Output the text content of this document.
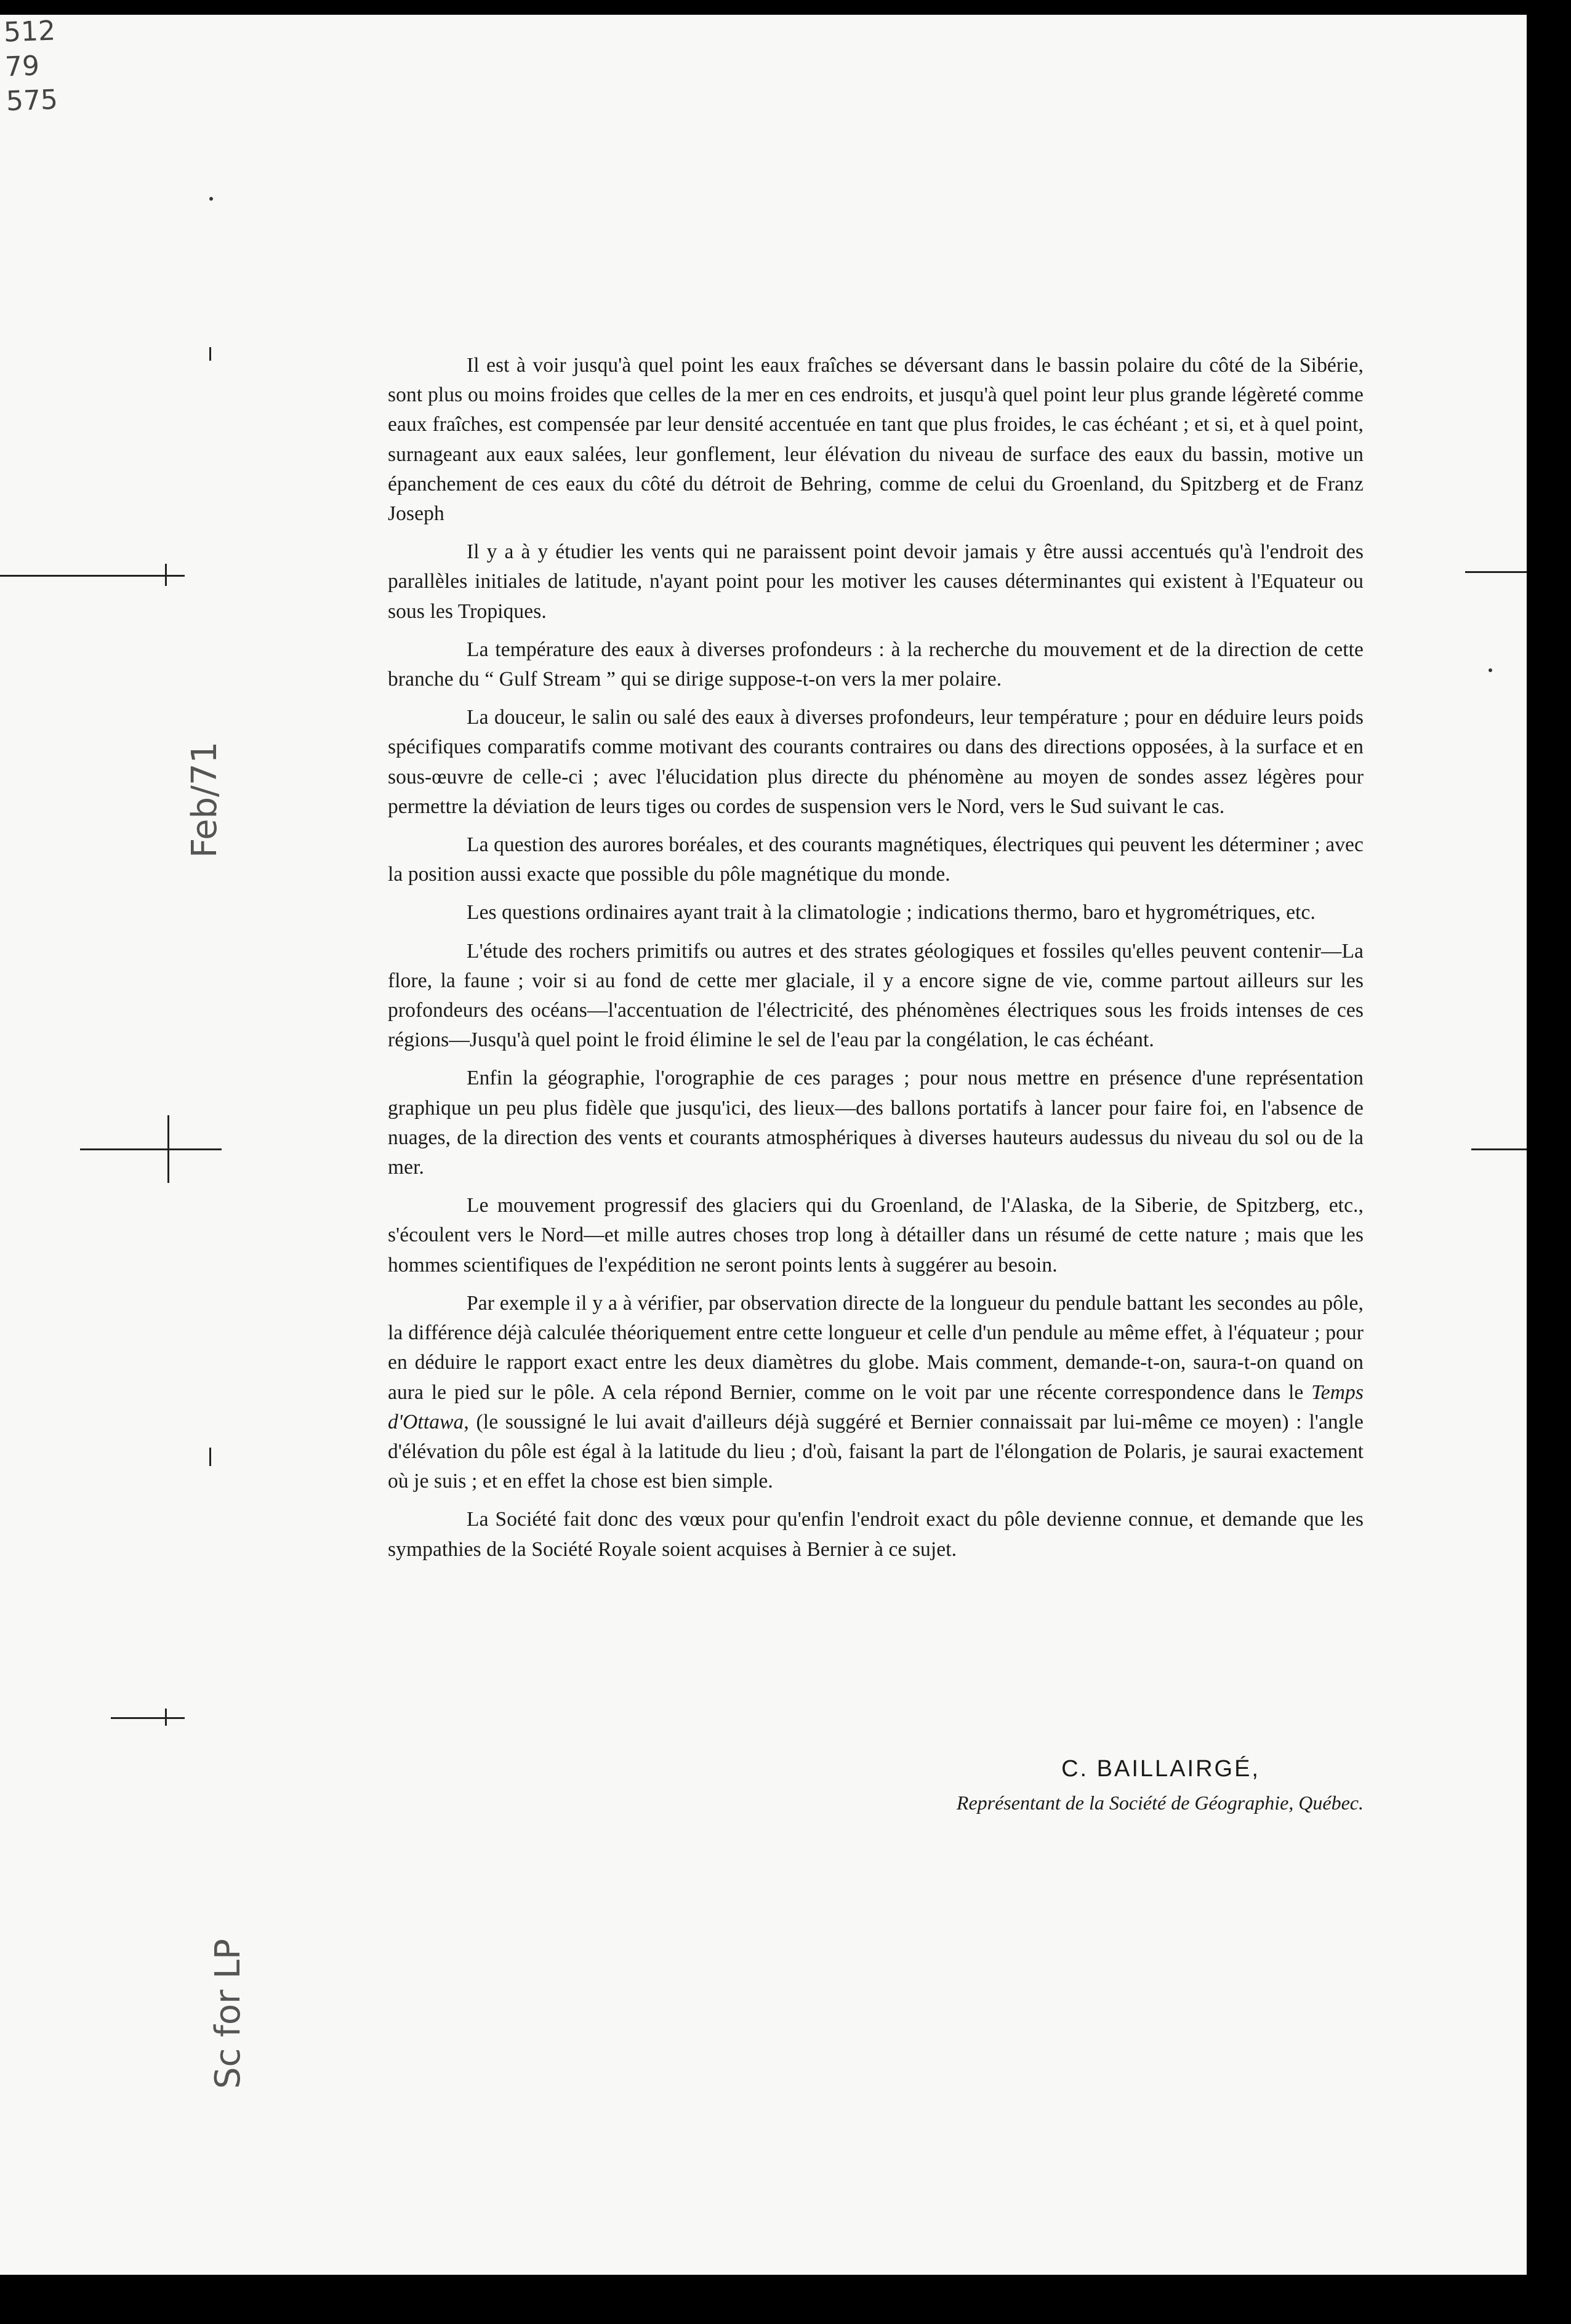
512
79
575
Feb/71
Sc for LP

Il est à voir jusqu'à quel point les eaux fraîches se déversant dans le bassin polaire du côté de la Sibérie, sont plus ou moins froides que celles de la mer en ces endroits, et jusqu'à quel point leur plus grande légèreté comme eaux fraîches, est compensée par leur densité accentuée en tant que plus froides, le cas échéant ; et si, et à quel point, surnageant aux eaux salées, leur gonflement, leur élévation du niveau de surface des eaux du bassin, motive un épanchement de ces eaux du côté du détroit de Behring, comme de celui du Groenland, du Spitzberg et de Franz Joseph

Il y a à y étudier les vents qui ne paraissent point devoir jamais y être aussi accentués qu'à l'endroit des parallèles initiales de latitude, n'ayant point pour les motiver les causes déterminantes qui existent à l'Equateur ou sous les Tropiques.

La température des eaux à diverses profondeurs : à la recherche du mouvement et de la direction de cette branche du “ Gulf Stream ” qui se dirige suppose-t-on vers la mer polaire.

La douceur, le salin ou salé des eaux à diverses profondeurs, leur température ; pour en déduire leurs poids spécifiques comparatifs comme motivant des courants contraires ou dans des directions opposées, à la surface et en sous-œuvre de celle-ci ; avec l'élucidation plus directe du phénomène au moyen de sondes assez légères pour permettre la déviation de leurs tiges ou cordes de suspension vers le Nord, vers le Sud suivant le cas.

La question des aurores boréales, et des courants magnétiques, électriques qui peuvent les déterminer ; avec la position aussi exacte que possible du pôle magnétique du monde.

Les questions ordinaires ayant trait à la climatologie ; indications thermo, baro et hygrométriques, etc.

L'étude des rochers primitifs ou autres et des strates géologiques et fossiles qu'elles peuvent contenir—La flore, la faune ; voir si au fond de cette mer glaciale, il y a encore signe de vie, comme partout ailleurs sur les profondeurs des océans—l'accentuation de l'électricité, des phénomènes électriques sous les froids intenses de ces régions—Jusqu'à quel point le froid élimine le sel de l'eau par la congélation, le cas échéant.

Enfin la géographie, l'orographie de ces parages ; pour nous mettre en présence d'une représentation graphique un peu plus fidèle que jusqu'ici, des lieux—des ballons portatifs à lancer pour faire foi, en l'absence de nuages, de la direction des vents et courants atmosphériques à diverses hauteurs audessus du niveau du sol ou de la mer.

Le mouvement progressif des glaciers qui du Groenland, de l'Alaska, de la Siberie, de Spitzberg, etc., s'écoulent vers le Nord—et mille autres choses trop long à détailler dans un résumé de cette nature ; mais que les hommes scientifiques de l'expédition ne seront points lents à suggérer au besoin.

Par exemple il y a à vérifier, par observation directe de la longueur du pendule battant les secondes au pôle, la différence déjà calculée théoriquement entre cette longueur et celle d'un pendule au même effet, à l'équateur ; pour en déduire le rapport exact entre les deux diamètres du globe. Mais comment, demande-t-on, saura-t-on quand on aura le pied sur le pôle. A cela répond Bernier, comme on le voit par une récente correspondence dans le Temps d'Ottawa, (le soussigné le lui avait d'ailleurs déjà suggéré et Bernier connaissait par lui-même ce moyen) : l'angle d'élévation du pôle est égal à la latitude du lieu ; d'où, faisant la part de l'élongation de Polaris, je saurai exactement où je suis ; et en effet la chose est bien simple.

La Société fait donc des vœux pour qu'enfin l'endroit exact du pôle devienne connue, et demande que les sympathies de la Société Royale soient acquises à Bernier à ce sujet.

C. BAILLAIRGÉ,
Représentant de la Société de Géographie, Québec.
